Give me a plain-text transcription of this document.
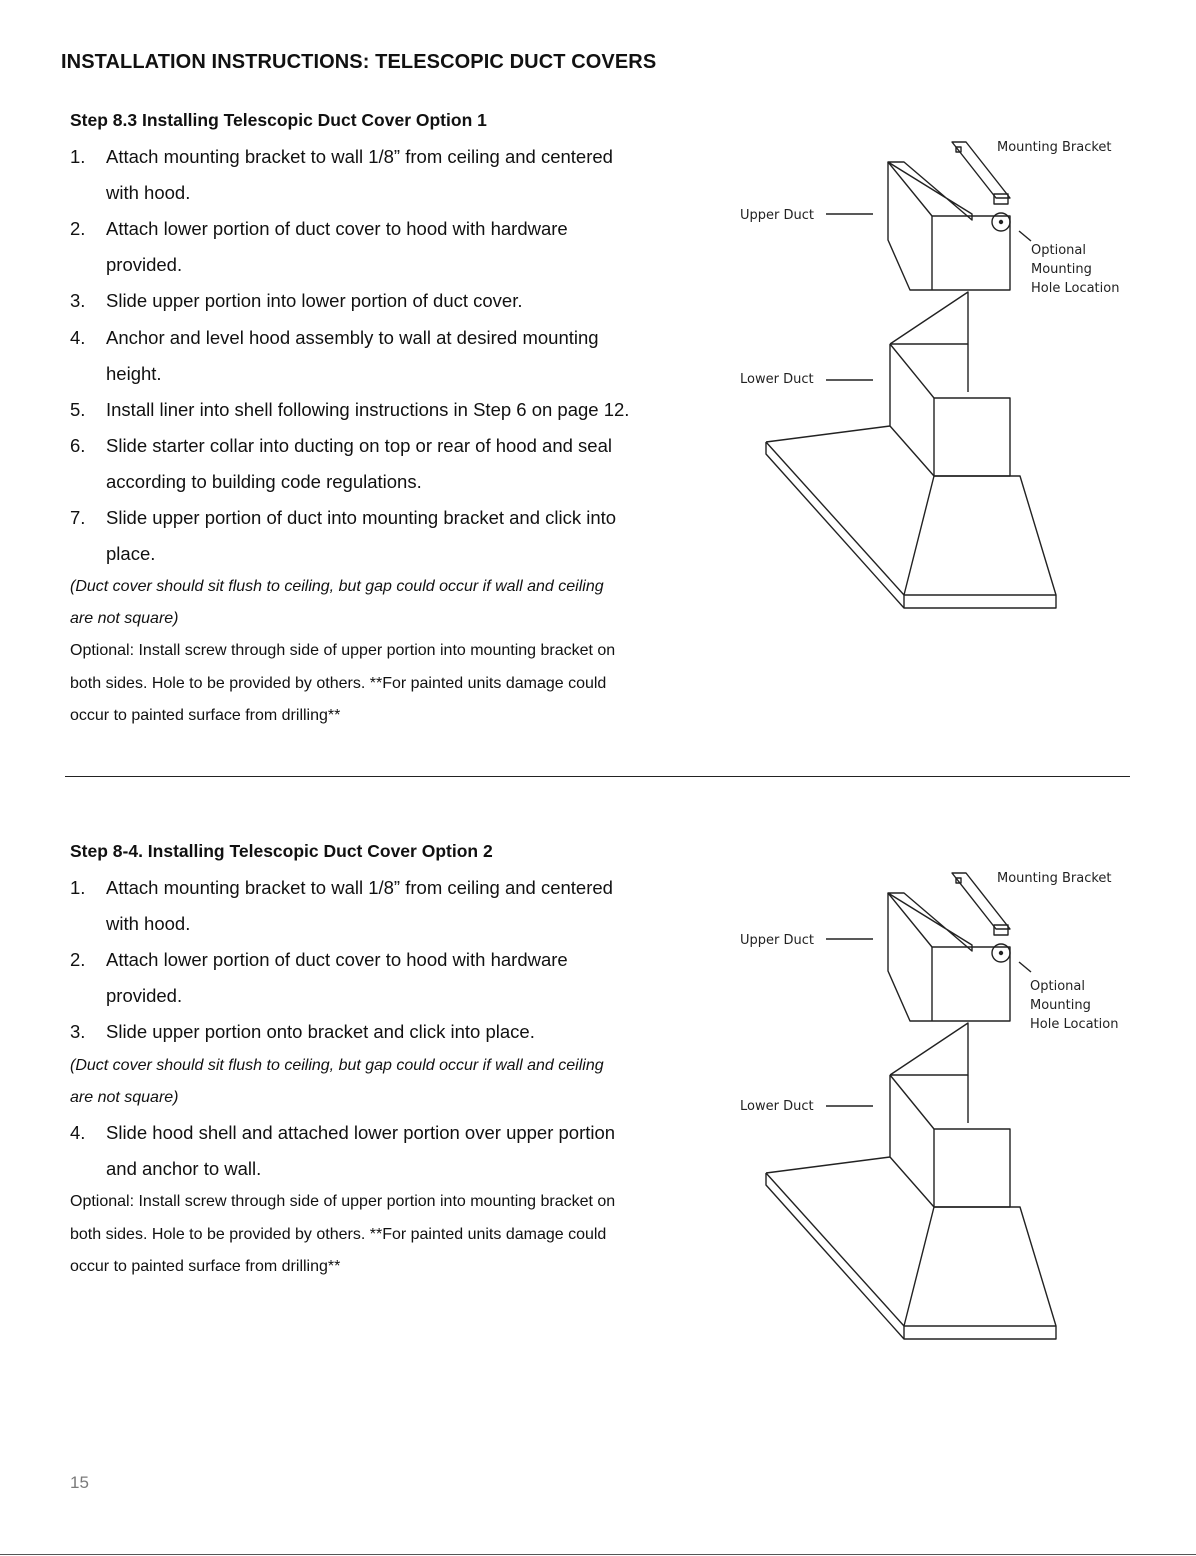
INSTALLATION INSTRUCTIONS: TELESCOPIC DUCT COVERS
Step 8.3 Installing Telescopic Duct Cover Option 1
1. Attach mounting bracket to wall 1/8” from ceiling and centered
with hood.
2. Attach lower portion of duct cover to hood with hardware
provided.
3. Slide upper portion into lower portion of duct cover.
4. Anchor and level hood assembly to wall at desired mounting
height.
5. Install liner into shell following instructions in Step 6 on page 12.
6. Slide starter collar into ducting on top or rear of hood and seal
according to building code regulations.
7. Slide upper portion of duct into mounting bracket and click into
place.
(Duct cover should sit flush to ceiling, but gap could occur if wall and ceiling
are not square)
Optional: Install screw through side of upper portion into mounting bracket on
both sides. Hole to be provided by others. **For painted units damage could
occur to painted surface from drilling**
Mounting Bracket
Upper Duct
Optional
Mounting
Hole Location
Lower Duct
Step 8-4. Installing Telescopic Duct Cover Option 2
1. Attach mounting bracket to wall 1/8” from ceiling and centered
with hood.
2. Attach lower portion of duct cover to hood with hardware
provided.
3. Slide upper portion onto bracket and click into place.
(Duct cover should sit flush to ceiling, but gap could occur if wall and ceiling
are not square)
4. Slide hood shell and attached lower portion over upper portion
and anchor to wall.
Optional: Install screw through side of upper portion into mounting bracket on
both sides. Hole to be provided by others. **For painted units damage could
occur to painted surface from drilling**
Mounting Bracket
Upper Duct
Optional
Mounting
Hole Location
Lower Duct
15
